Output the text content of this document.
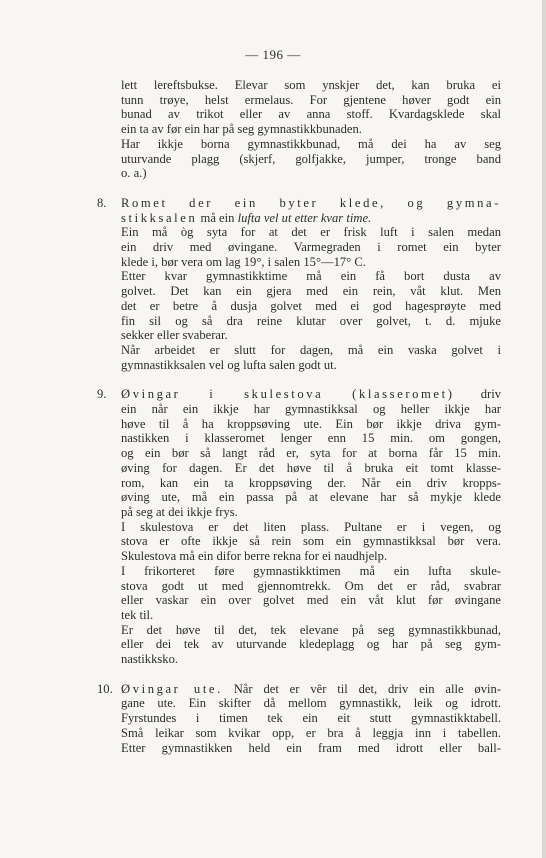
— 196 —
lett lereftsbukse. Elevar som ynskjer det, kan bruka ei
tunn trøye, helst ermelaus. For gjentene høver godt ein
bunad av trikot eller av anna stoff. Kvardagsklede skal
ein ta av før ein har på seg gymnastikkbunaden.
Har ikkje borna gymnastikkbunad, må dei ha av seg
uturvande plagg (skjerf, golfjakke, jumper, tronge band
o. a.)
8.	Romet der ein byter klede, og gymna-
stikksalen må ein lufta vel ut etter kvar time.
Ein må òg syta for at det er frisk luft i salen medan
ein driv med øvingane. Varmegraden i romet ein byter
klede i, bør vera om lag 19°, i salen 15°—17° C.
Etter kvar gymnastikktime må ein få bort dusta av
golvet. Det kan ein gjera med ein rein, våt klut. Men
det er betre å dusja golvet med ei god hagesprøyte med
fin sil og så dra reine klutar over golvet, t. d. mjuke
sekker eller svaberar.
Når arbeidet er slutt for dagen, må ein vaska golvet i
gymnastikksalen vel og lufta salen godt ut.
9.	Øvingar i skulestova (klasseromet) driv
ein når ein ikkje har gymnastikksal og heller ikkje har
høve til å ha kroppsøving ute. Ein bør ikkje driva gym-
nastikken i klasseromet lenger enn 15 min. om gongen,
og ein bør så langt råd er, syta for at borna får 15 min.
øving for dagen. Er det høve til å bruka eit tomt klasse-
rom, kan ein ta kroppsøving der. Når ein driv kropps-
øving ute, må ein passa på at elevane har så mykje klede
på seg at dei ikkje frys.
I skulestova er det liten plass. Pultane er i vegen, og
stova er ofte ikkje så rein som ein gymnastikksal bør vera.
Skulestova må ein difor berre rekna for ei naudhjelp.
I frikorteret føre gymnastikktimen må ein lufta skule-
stova godt ut med gjennomtrekk. Om det er råd, svabrar
eller vaskar ein over golvet med ein våt klut før øvingane
tek til.
Er det høve til det, tek elevane på seg gymnastikkbunad,
eller dei tek av uturvande kledeplagg og har på seg gym-
nastikksko.
10. Øvingar ute. Når det er vêr til det, driv ein alle øvin-
gane ute. Ein skifter då mellom gymnastikk, leik og idrott.
Fyrstundes i timen tek ein eit stutt gymnastikktabell.
Små leikar som kvikar opp, er bra å leggja inn i tabellen.
Etter gymnastikken held ein fram med idrott eller ball-
